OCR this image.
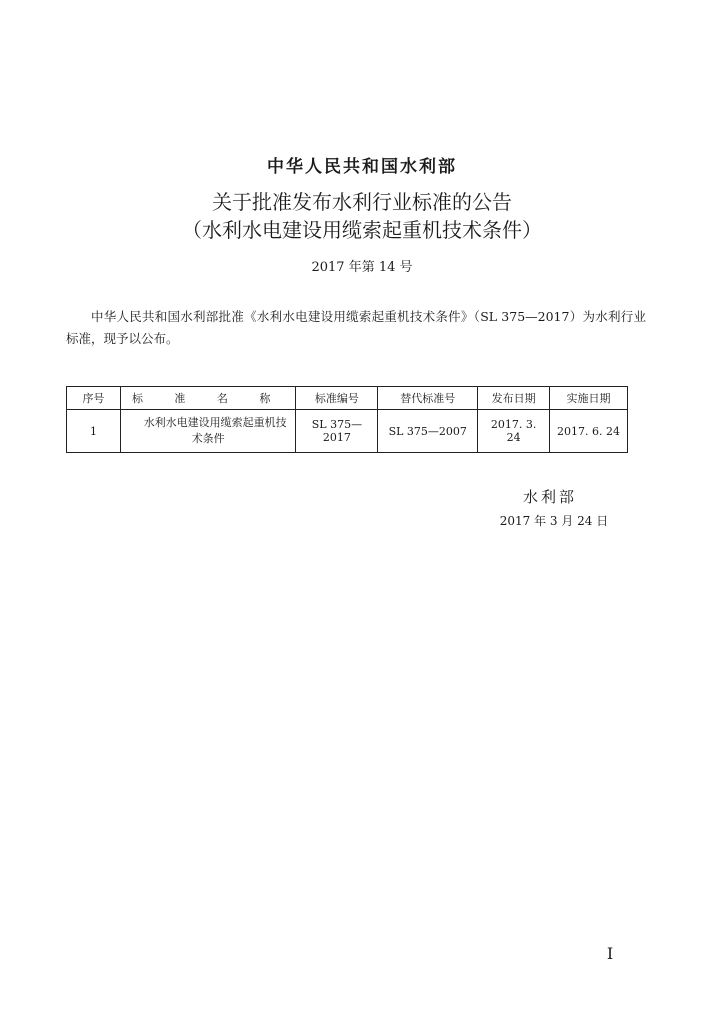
中华人民共和国水利部
关于批准发布水利行业标准的公告
（水利水电建设用缆索起重机技术条件）
2017 年第 14 号
中华人民共和国水利部批准《水利水电建设用缆索起重机技术条件》（SL 375—2017）为水利行业标准，现予以公布。
序号	标 准 名 称	标准编号	替代标准号	发布日期	实施日期
1	水利水电建设用缆索起重机技术条件	SL 375—2017	SL 375—2007	2017. 3. 24	2017. 6. 24
水利部
2017 年 3 月 24 日
I
